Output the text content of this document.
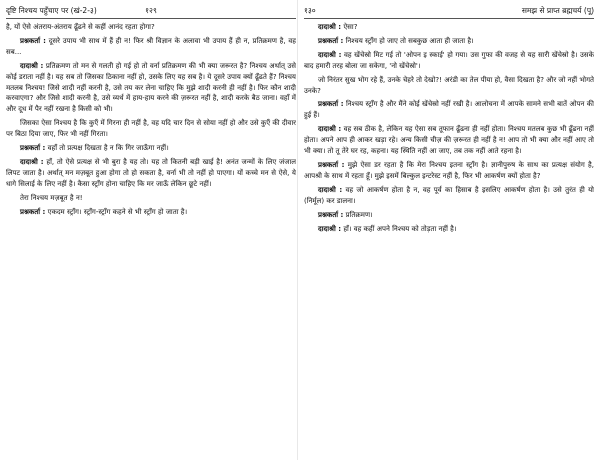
दृष्टि निश्चय पहुँचाए पर (खं-2-३)	१२९

है, यों ऐसे अंतराय-अंतराय ढूँढने से कहीं आनंद रहता होगा?

प्रश्नकर्ता : दूसरे उपाय भी साथ में हैं ही न! फिर श्री विज्ञान के अलावा भी उपाय हैं ही न, प्रतिक्रमण है, वह सब...

दादाश्री : प्रतिक्रमण तो मन से गलती हो गई हो तो वर्ना प्रतिक्रमण की भी क्या जरूरत है? निश्चय अर्थात् उसे कोई डराता नहीं है। यह सब तो जिसका ठिकाना नहीं हो, उसके लिए यह सब है। ये दूसरे उपाय क्यों ढूँढते हैं? निश्चय मतलब निश्चय! जिसे शादी नहीं करनी है, उसे तय कर लेना चाहिए कि मुझे शादी करनी ही नहीं है। फिर कौन शादी करवाएगा? और जिसे शादी करनी है, उसे व्यर्थ में हाय-हाय करने की ज़रूरत नहीं है, शादी करके बैठ जाना। वहाँ में और दूध में पैर नहीं रखना है किसी को भी।

जिसका ऐसा निश्चय है कि कुएँ में गिरना ही नहीं है, वह यदि चार दिन से सोया नहीं हो और उसे कुएँ की दीवार पर बिठा दिया जाए, फिर भी नहीं गिरता।

प्रश्नकर्ता : वहाँ तो प्रत्यक्ष दिखता है न कि गिर जाऊँगा नहीं।

दादाश्री : हाँ, तो ऐसे प्रत्यक्ष से भी बुरा है यह तो। यह तो कितनी बड़ी खाई है! अनंत जन्मों के लिए जंजाल लिपट जाता है। अर्थात् मन मज़बूत हुआ होगा तो हो सकता है, वर्ना भी तो नहीं हो पाएगा। यों कच्चे मन से ऐसे, ये धागे सिलाई के लिए नहीं है। कैसा स्ट्रॉंग होना चाहिए कि मर जाऊँ लेकिन छूटे नहीं।

तेरा निश्चय मज़बूत है न!

प्रश्नकर्ता : एकदम स्ट्रॉंग। स्ट्रॉंग-स्ट्रॉंग कहने से भी स्ट्रॉंग हो जाता है।

१३०	समझ से प्राप्त ब्रह्मचर्य (पू)

दादाश्री : ऐसा?

प्रश्नकर्ता : निश्चय स्ट्रॉंग हो जाए तो सबकुछ आता ही जाता है।

दादाश्री : वह खेंचेस्रो मिट गई तो 'ओपन इ स्काई' हो गया। उस गुफा की वजह से यह सारी खेंचेस्रो है। उसके बाद हमारी तरह बोला जा सकेगा, 'नो खेंचेस्रो'।

जो निरंतर सुख भोग रहे हैं, उनके चेहरे तो देखो?! अरंडी का तेल पीया हो, वैसा दिखता है? और जो नहीं भोगते उनके?

प्रश्नकर्ता : निश्चय स्ट्रॉंग है और मैंने कोई खेंचेस्रो नहीं रखी है। आलोचना में आपके सामने सभी बातें ओपन की हुई हैं।

दादाश्री : वह सब ठीक है, लेकिन यह ऐसा सब तूफान ढूँढना ही नहीं होता। निश्चय मतलब कुछ भी ढूँढना नहीं होता। अपने आप ही आकर खड़ा रहे। अन्य किसी चीज़ की ज़रूरत ही नहीं है न! आप तो भी क्या और नहीं आए तो भी क्या। तो तू तेरे घर रह, कहना। यह स्थिति नहीं आ जाए, तब तक नहीं आते रहना है।

प्रश्नकर्ता : मुझे ऐसा डर रहता है कि मेरा निश्चय इतना स्ट्रॉंग है। ज्ञानीपुरुष के साथ का प्रत्यक्ष संयोग है, आपश्री के साथ में रहता हूँ। मुझे इसमें बिल्कुल इन्टरेस्ट नहीं है, फिर भी आकर्षण क्यों होता है?

दादाश्री : वह जो आकर्षण होता है न, वह पूर्व का हिसाब है इसलिए आकर्षण होता है। उसे तुरंत ही यो (निर्मूल) कर डालना।

प्रश्नकर्ता : प्रतिक्रमण।

दादाश्री : हाँ। वह कहीं अपने निश्चय को तोड़ता नहीं है।
